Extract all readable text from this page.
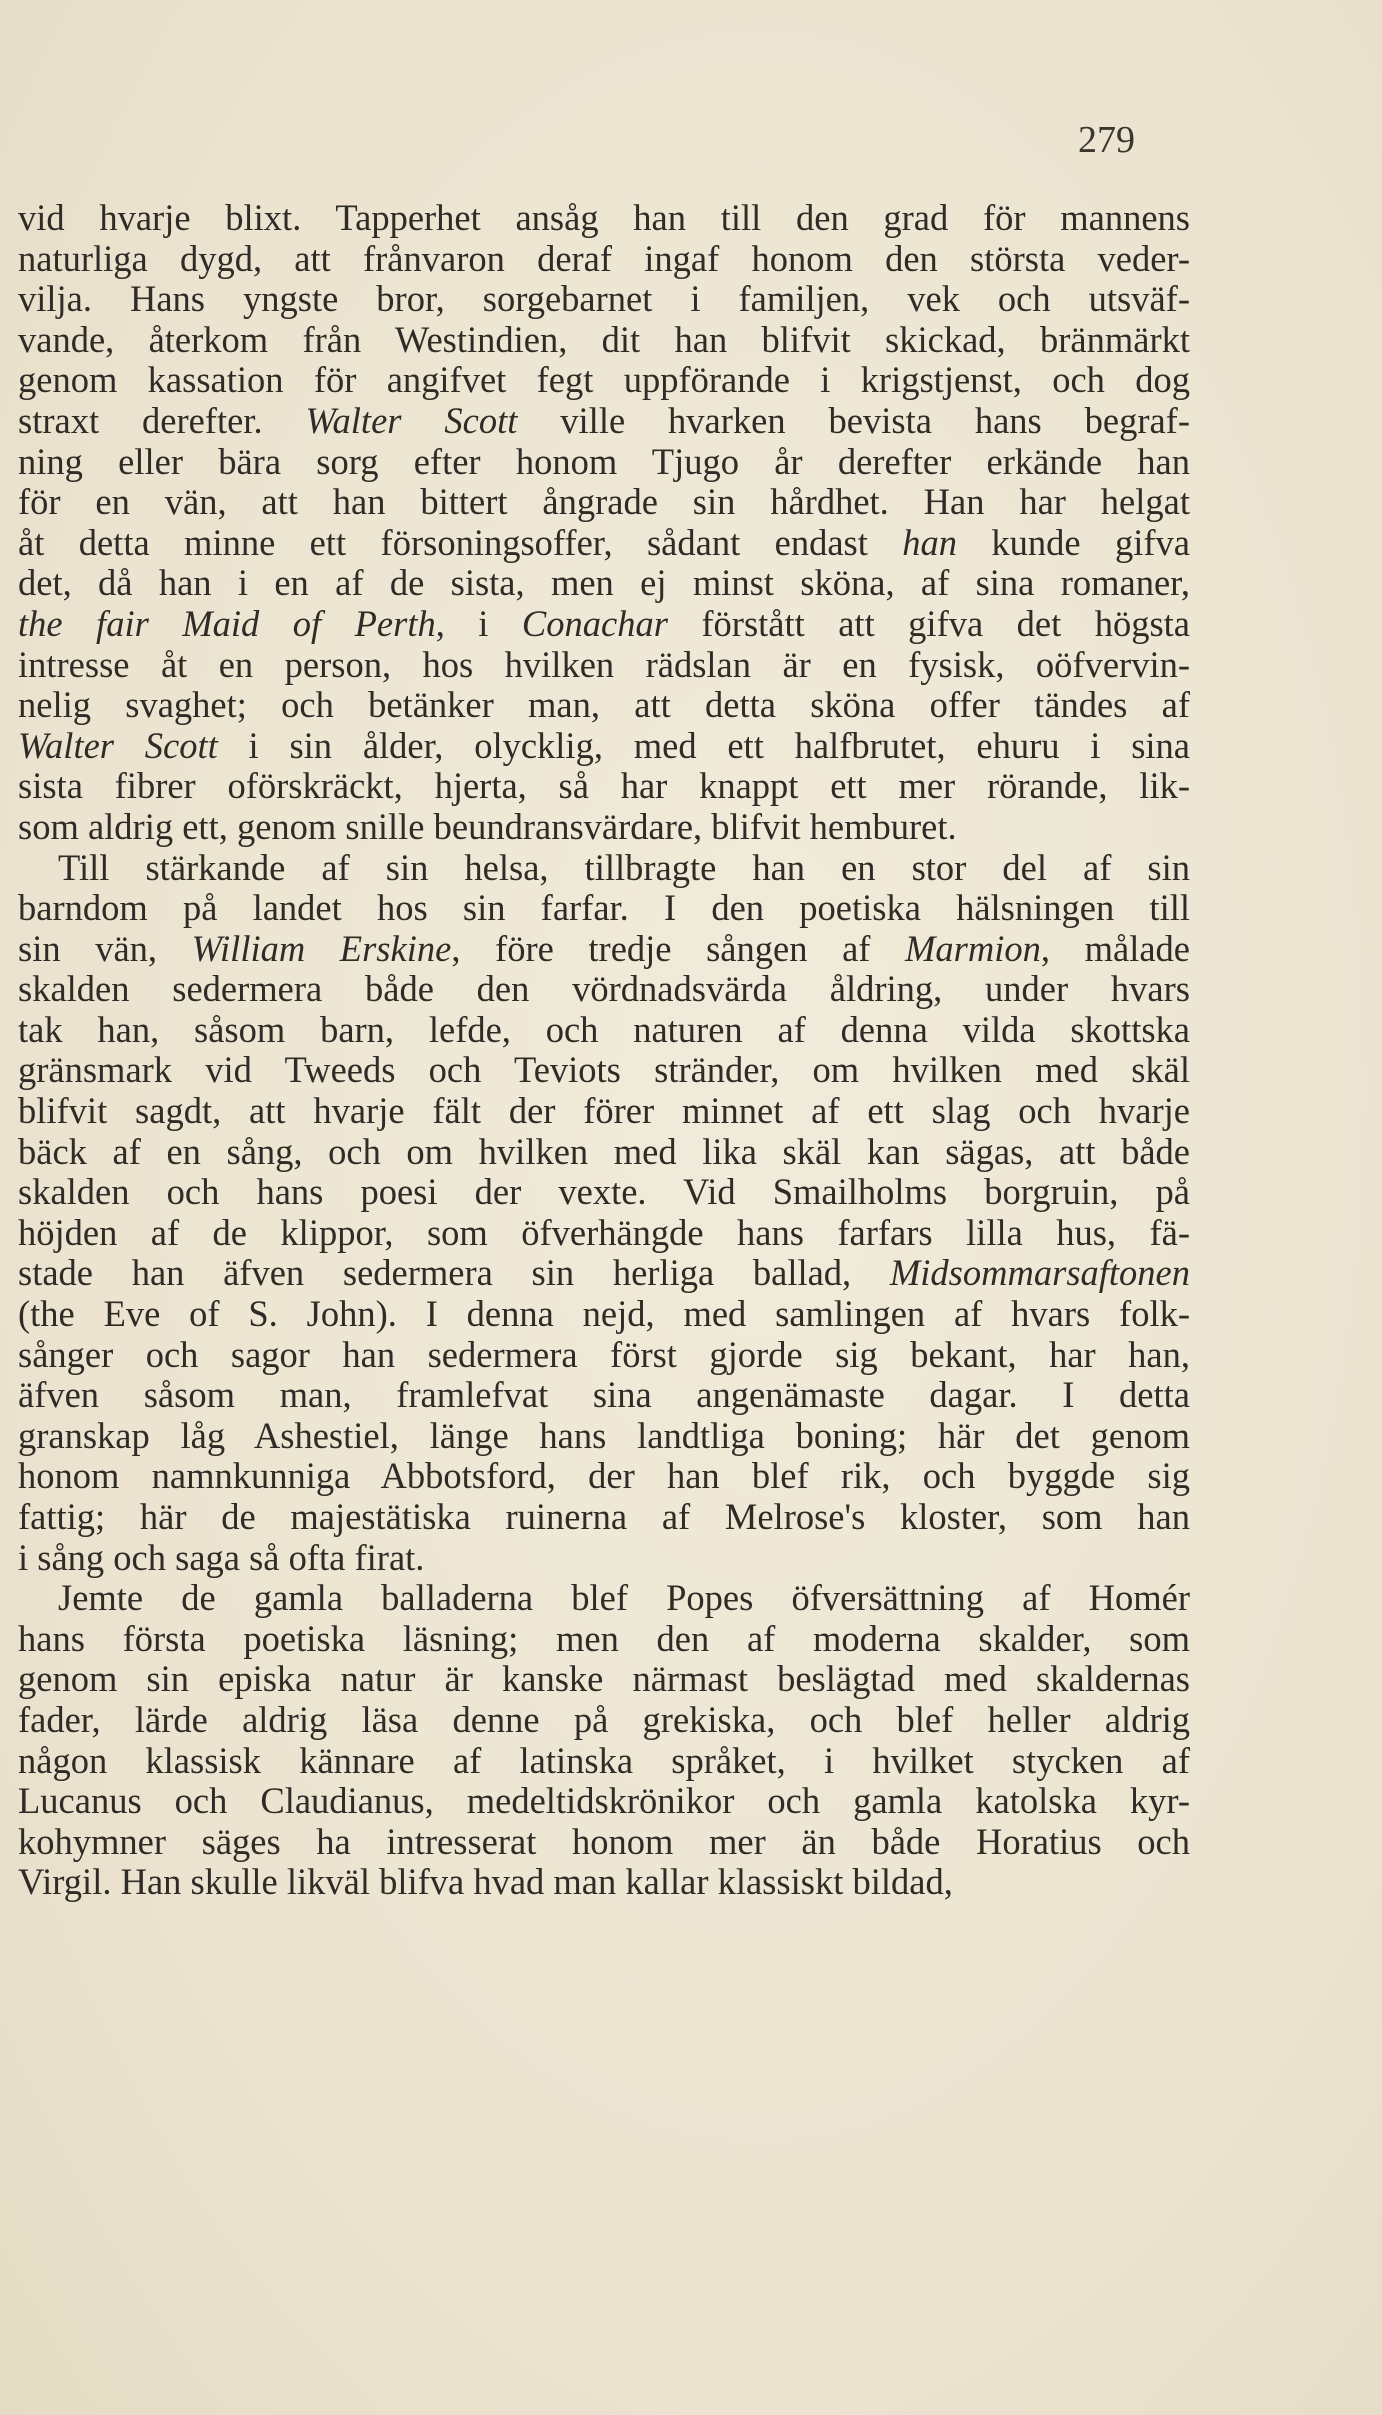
279
vid hvarje blixt. Tapperhet ansåg han till den grad för mannens
naturliga dygd, att frånvaron deraf ingaf honom den största veder-
vilja. Hans yngste bror, sorgebarnet i familjen, vek och utsväf-
vande, återkom från Westindien, dit han blifvit skickad, bränmärkt
genom kassation för angifvet fegt uppförande i krigstjenst, och dog
straxt derefter. Walter Scott ville hvarken bevista hans begraf-
ning eller bära sorg efter honom Tjugo år derefter erkände han
för en vän, att han bittert ångrade sin hårdhet. Han har helgat
åt detta minne ett försoningsoffer, sådant endast han kunde gifva
det, då han i en af de sista, men ej minst sköna, af sina romaner,
the fair Maid of Perth, i Conachar förstått att gifva det högsta
intresse åt en person, hos hvilken rädslan är en fysisk, oöfvervin-
nelig svaghet; och betänker man, att detta sköna offer tändes af
Walter Scott i sin ålder, olycklig, med ett halfbrutet, ehuru i sina
sista fibrer oförskräckt, hjerta, så har knappt ett mer rörande, lik-
som aldrig ett, genom snille beundransvärdare, blifvit hemburet.
Till stärkande af sin helsa, tillbragte han en stor del af sin
barndom på landet hos sin farfar. I den poetiska hälsningen till
sin vän, William Erskine, före tredje sången af Marmion, målade
skalden sedermera både den vördnadsvärda åldring, under hvars
tak han, såsom barn, lefde, och naturen af denna vilda skottska
gränsmark vid Tweeds och Teviots stränder, om hvilken med skäl
blifvit sagdt, att hvarje fält der förer minnet af ett slag och hvarje
bäck af en sång, och om hvilken med lika skäl kan sägas, att både
skalden och hans poesi der vexte. Vid Smailholms borgruin, på
höjden af de klippor, som öfverhängde hans farfars lilla hus, fä-
stade han äfven sedermera sin herliga ballad, Midsommarsaftonen
(the Eve of S. John). I denna nejd, med samlingen af hvars folk-
sånger och sagor han sedermera först gjorde sig bekant, har han,
äfven såsom man, framlefvat sina angenämaste dagar. I detta
granskap låg Ashestiel, länge hans landtliga boning; här det genom
honom namnkunniga Abbotsford, der han blef rik, och byggde sig
fattig; här de majestätiska ruinerna af Melrose's kloster, som han
i sång och saga så ofta firat.
Jemte de gamla balladerna blef Popes öfversättning af Homér
hans första poetiska läsning; men den af moderna skalder, som
genom sin episka natur är kanske närmast beslägtad med skaldernas
fader, lärde aldrig läsa denne på grekiska, och blef heller aldrig
någon klassisk kännare af latinska språket, i hvilket stycken af
Lucanus och Claudianus, medeltidskrönikor och gamla katolska kyr-
kohymner säges ha intresserat honom mer än både Horatius och
Virgil. Han skulle likväl blifva hvad man kallar klassiskt bildad,
